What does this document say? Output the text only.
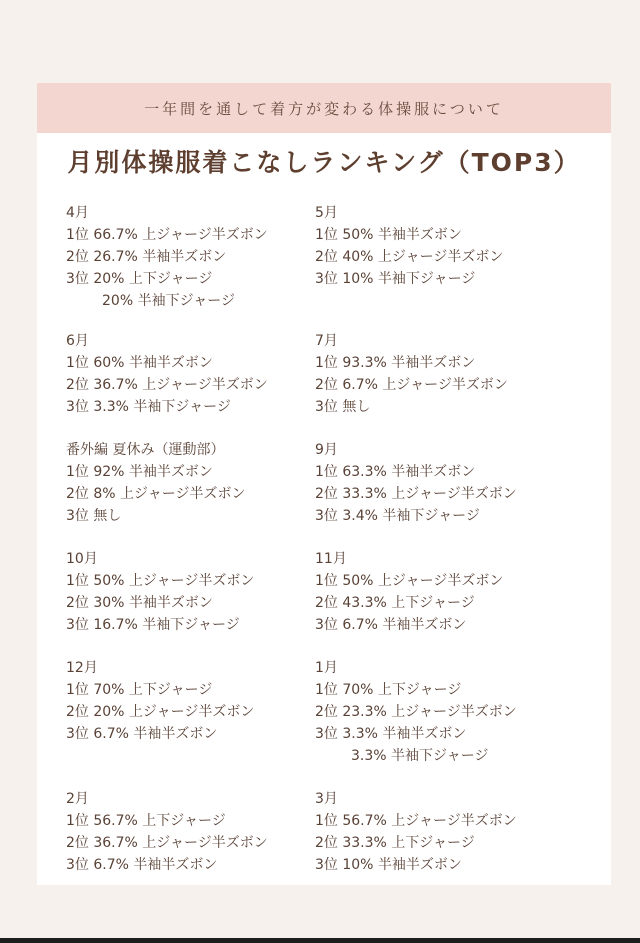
一年間を通して着方が変わる体操服について
月別体操服着こなしランキング（TOP3）
4月
1位 66.7% 上ジャージ半ズボン
2位 26.7% 半袖半ズボン
3位 20% 上下ジャージ
20% 半袖下ジャージ
5月
1位 50% 半袖半ズボン
2位 40% 上ジャージ半ズボン
3位 10% 半袖下ジャージ
6月
1位 60% 半袖半ズボン
2位 36.7% 上ジャージ半ズボン
3位 3.3% 半袖下ジャージ
7月
1位 93.3% 半袖半ズボン
2位 6.7% 上ジャージ半ズボン
3位 無し
番外編 夏休み（運動部）
1位 92% 半袖半ズボン
2位 8% 上ジャージ半ズボン
3位 無し
9月
1位 63.3% 半袖半ズボン
2位 33.3% 上ジャージ半ズボン
3位 3.4% 半袖下ジャージ
10月
1位 50% 上ジャージ半ズボン
2位 30% 半袖半ズボン
3位 16.7% 半袖下ジャージ
11月
1位 50% 上ジャージ半ズボン
2位 43.3% 上下ジャージ
3位 6.7% 半袖半ズボン
12月
1位 70% 上下ジャージ
2位 20% 上ジャージ半ズボン
3位 6.7% 半袖半ズボン
1月
1位 70% 上下ジャージ
2位 23.3% 上ジャージ半ズボン
3位 3.3% 半袖半ズボン
3.3% 半袖下ジャージ
2月
1位 56.7% 上下ジャージ
2位 36.7% 上ジャージ半ズボン
3位 6.7% 半袖半ズボン
3月
1位 56.7% 上ジャージ半ズボン
2位 33.3% 上下ジャージ
3位 10% 半袖半ズボン
